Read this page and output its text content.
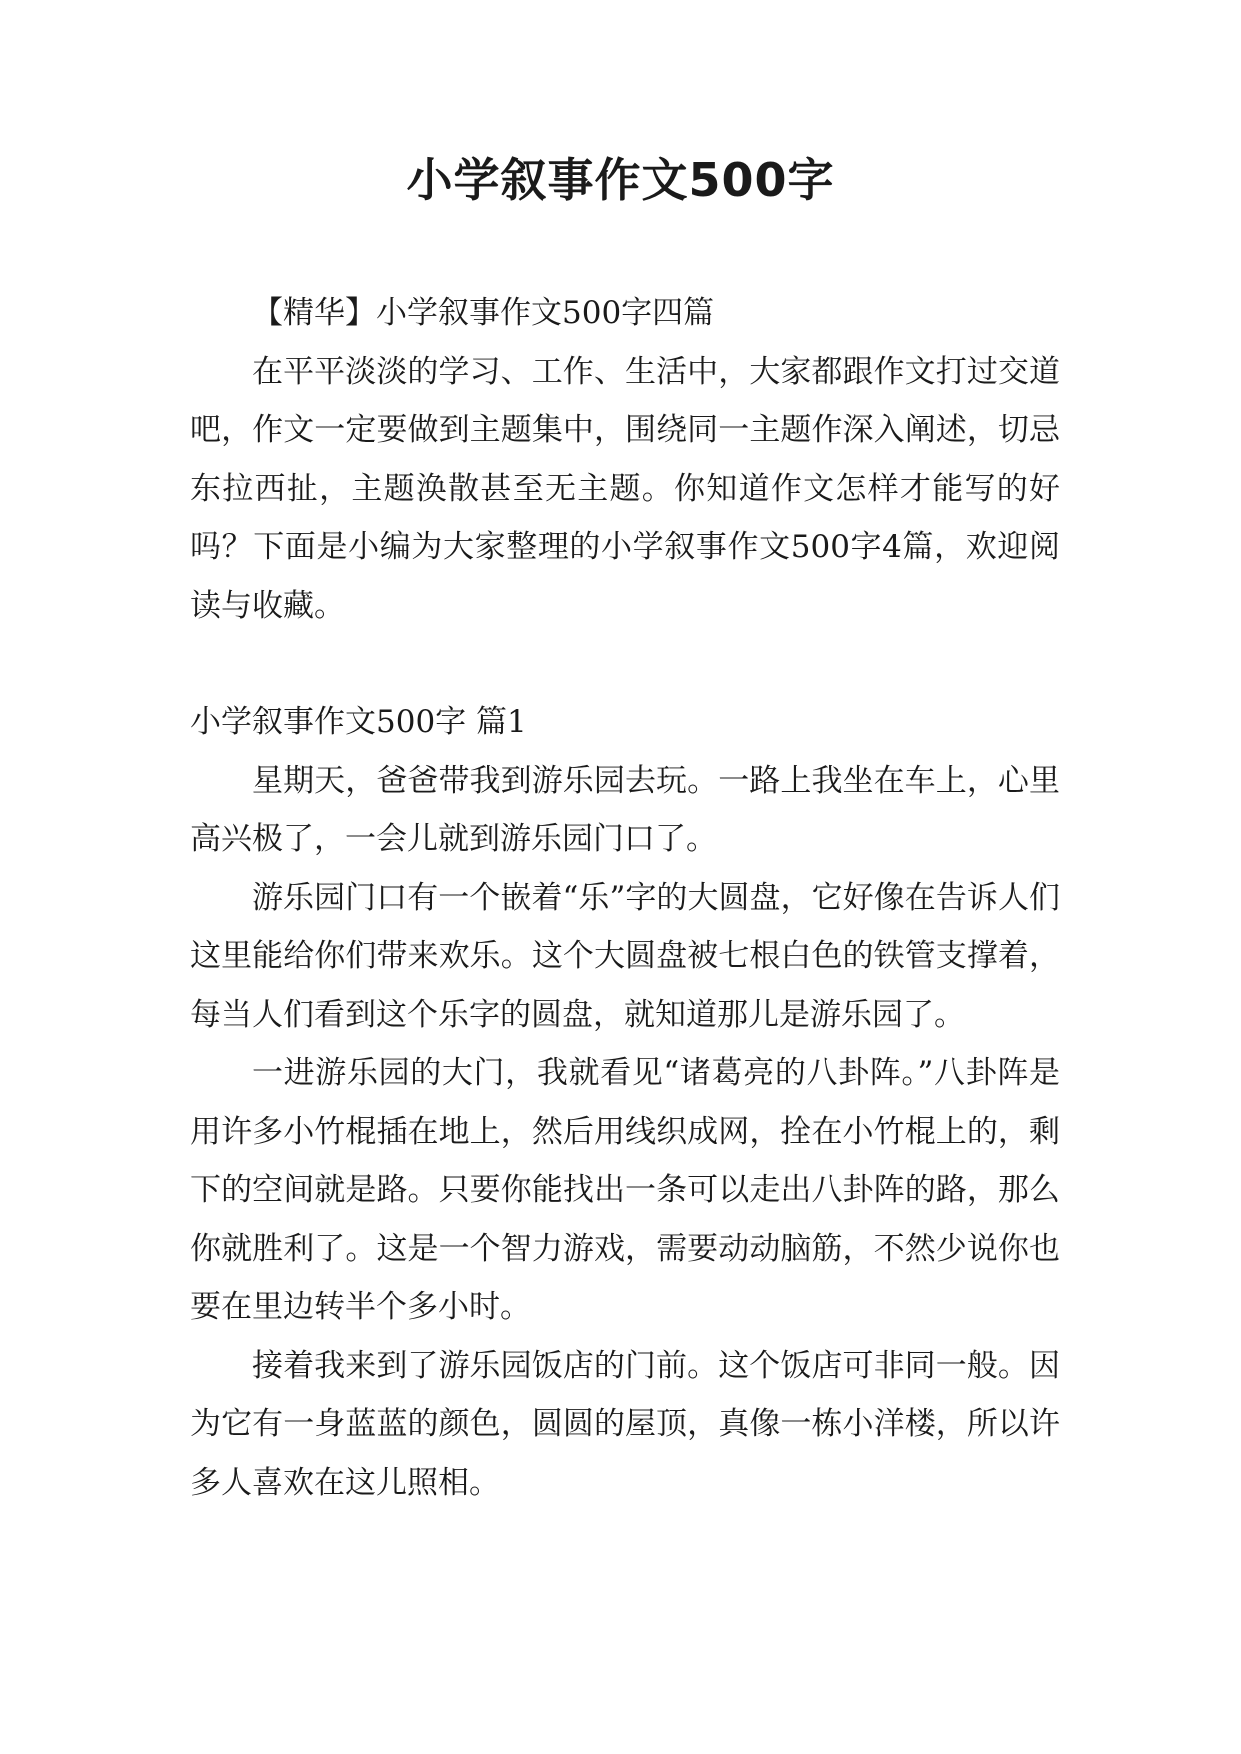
小学叙事作文500字

【精华】小学叙事作文500字四篇

在平平淡淡的学习、工作、生活中，大家都跟作文打过交道吧，作文一定要做到主题集中，围绕同一主题作深入阐述，切忌东拉西扯，主题涣散甚至无主题。你知道作文怎样才能写的好吗？下面是小编为大家整理的小学叙事作文500字4篇，欢迎阅读与收藏。

小学叙事作文500字 篇1

星期天，爸爸带我到游乐园去玩。一路上我坐在车上，心里高兴极了，一会儿就到游乐园门口了。

游乐园门口有一个嵌着“乐”字的大圆盘，它好像在告诉人们这里能给你们带来欢乐。这个大圆盘被七根白色的铁管支撑着，每当人们看到这个乐字的圆盘，就知道那儿是游乐园了。

一进游乐园的大门，我就看见“诸葛亮的八卦阵。”八卦阵是用许多小竹棍插在地上，然后用线织成网，拴在小竹棍上的，剩下的空间就是路。只要你能找出一条可以走出八卦阵的路，那么你就胜利了。这是一个智力游戏，需要动动脑筋，不然少说你也要在里边转半个多小时。

接着我来到了游乐园饭店的门前。这个饭店可非同一般。因为它有一身蓝蓝的颜色，圆圆的屋顶，真像一栋小洋楼，所以许多人喜欢在这儿照相。
